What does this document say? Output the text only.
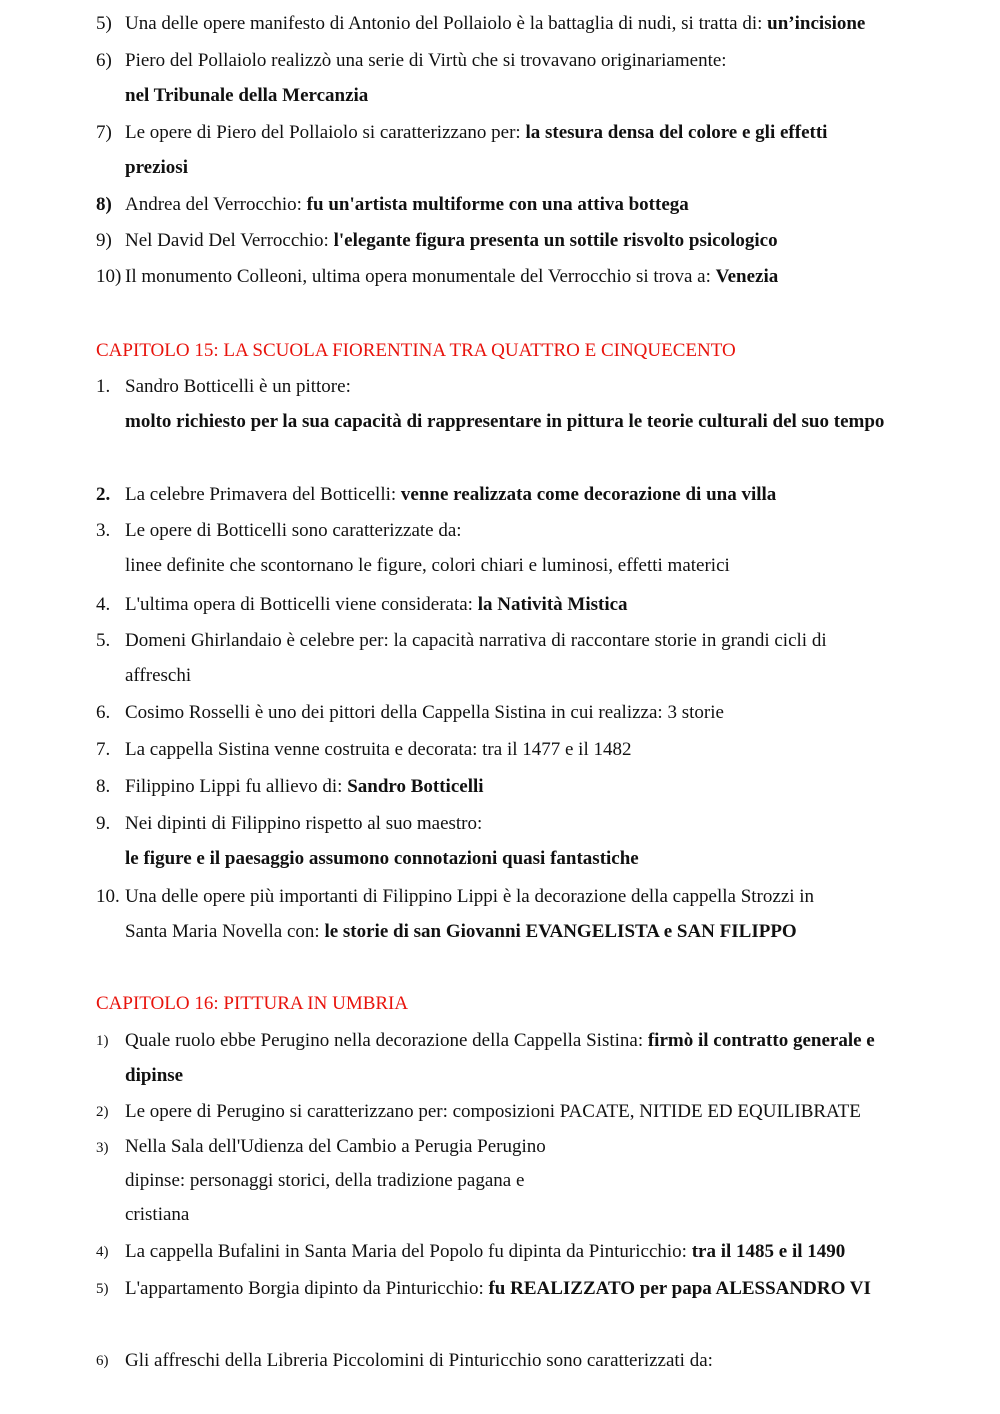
5) Una delle opere manifesto di Antonio del Pollaiolo è la battaglia di nudi, si tratta di: un’incisione
6) Piero del Pollaiolo realizzò una serie di Virtù che si trovavano originariamente:
nel Tribunale della Mercanzia
7) Le opere di Piero del Pollaiolo si caratterizzano per: la stesura densa del colore e gli effetti preziosi
8) Andrea del Verrocchio: fu un'artista multiforme con una attiva bottega
9) Nel David Del Verrocchio: l'elegante figura presenta un sottile risvolto psicologico
10) Il monumento Colleoni, ultima opera monumentale del Verrocchio si trova a: Venezia
CAPITOLO 15: LA SCUOLA FIORENTINA TRA QUATTRO E CINQUECENTO
1. Sandro Botticelli è un pittore:
molto richiesto per la sua capacità di rappresentare in pittura le teorie culturali del suo tempo
2. La celebre Primavera del Botticelli: venne realizzata come decorazione di una villa
3. Le opere di Botticelli sono caratterizzate da:
linee definite che scontornano le figure, colori chiari e luminosi, effetti materici
4. L'ultima opera di Botticelli viene considerata: la Natività Mistica
5. Domeni Ghirlandaio è celebre per: la capacità narrativa di raccontare storie in grandi cicli di affreschi
6. Cosimo Rosselli è uno dei pittori della Cappella Sistina in cui realizza: 3 storie
7. La cappella Sistina venne costruita e decorata: tra il 1477 e il 1482
8. Filippino Lippi fu allievo di: Sandro Botticelli
9. Nei dipinti di Filippino rispetto al suo maestro:
le figure e il paesaggio assumono connotazioni quasi fantastiche
10. Una delle opere più importanti di Filippino Lippi è la decorazione della cappella Strozzi in
Santa Maria Novella con: le storie di san Giovanni EVANGELISTA e SAN FILIPPO
CAPITOLO 16: PITTURA IN UMBRIA
1) Quale ruolo ebbe Perugino nella decorazione della Cappella Sistina: firmò il contratto generale e dipinse
2) Le opere di Perugino si caratterizzano per: composizioni PACATE, NITIDE ED EQUILIBRATE
3) Nella Sala dell'Udienza del Cambio a Perugia Perugino
dipinse: personaggi storici, della tradizione pagana e
cristiana
4) La cappella Bufalini in Santa Maria del Popolo fu dipinta da Pinturicchio: tra il 1485 e il 1490
5) L'appartamento Borgia dipinto da Pinturicchio: fu REALIZZATO per papa ALESSANDRO VI
6) Gli affreschi della Libreria Piccolomini di Pinturicchio sono caratterizzati da:
